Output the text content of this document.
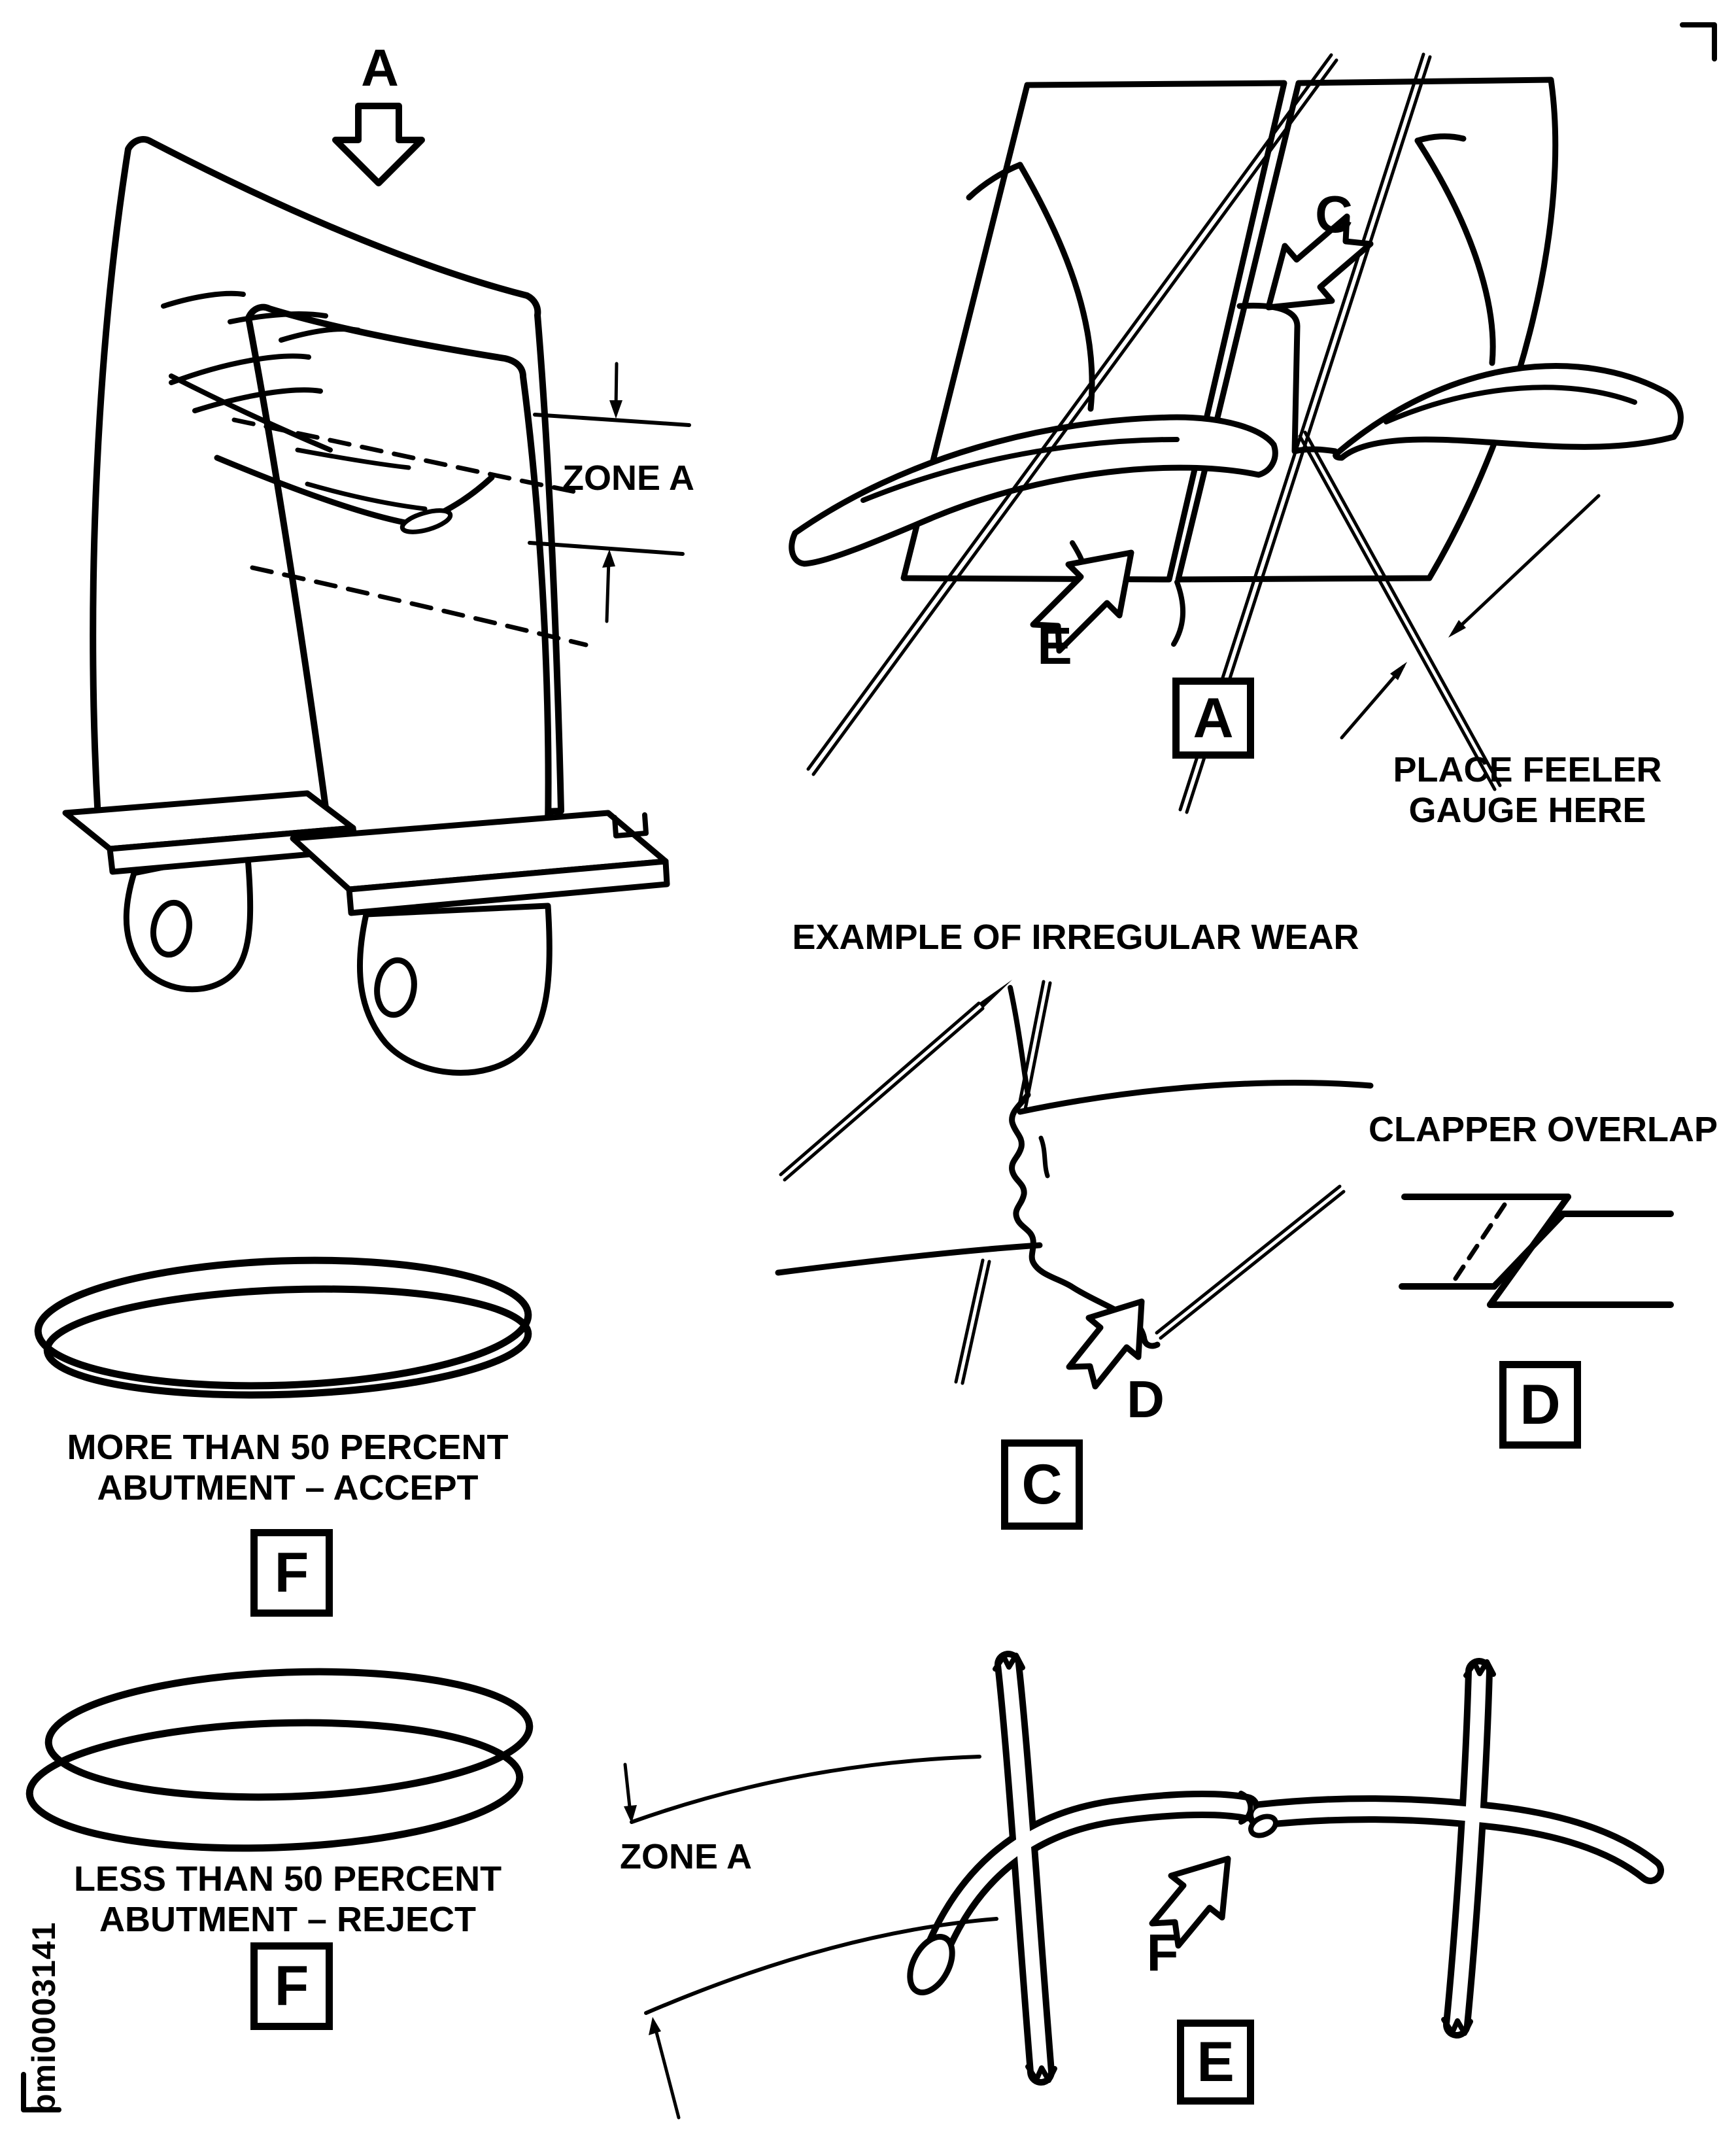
A
ZONE A
C
E
A
PLACE FEELER
GAUGE HERE
EXAMPLE OF IRREGULAR WEAR
D
C
CLAPPER OVERLAP
D
MORE THAN 50 PERCENT
ABUTMENT – ACCEPT
F
LESS THAN 50 PERCENT
ABUTMENT – REJECT
F
ZONE A
F
E
bmi0003141
